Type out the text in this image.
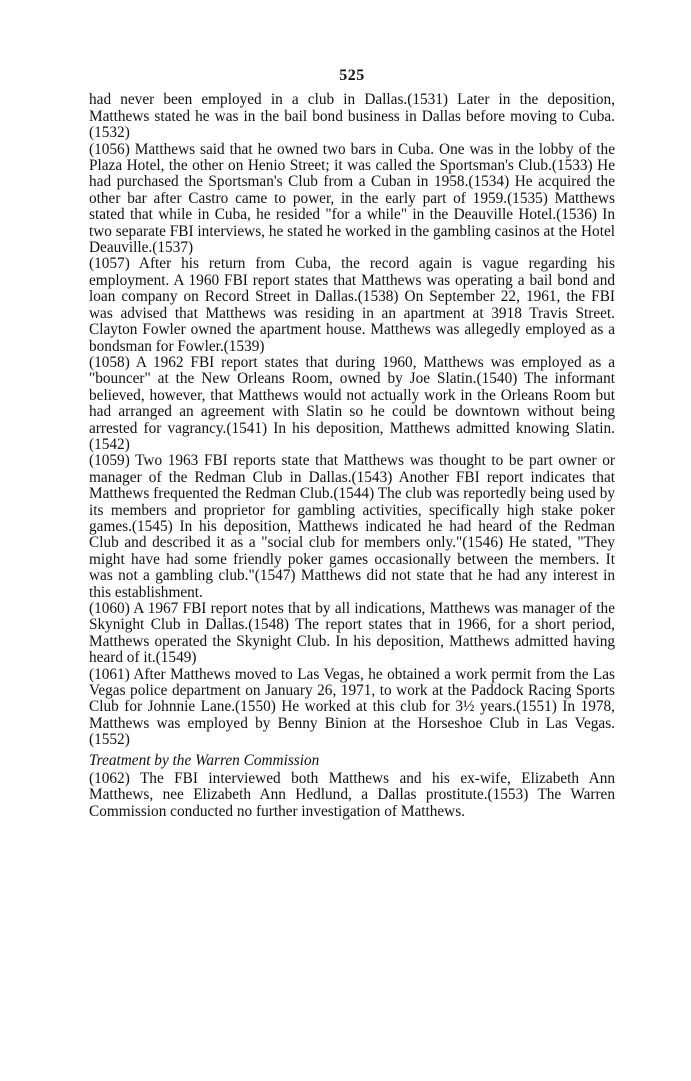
525

had never been employed in a club in Dallas.(1531) Later in the deposition, Matthews stated he was in the bail bond business in Dallas before moving to Cuba.(1532)

(1056) Matthews said that he owned two bars in Cuba. One was in the lobby of the Plaza Hotel, the other on Henio Street; it was called the Sportsman's Club.(1533) He had purchased the Sportsman's Club from a Cuban in 1958.(1534) He acquired the other bar after Castro came to power, in the early part of 1959.(1535) Matthews stated that while in Cuba, he resided "for a while" in the Deauville Hotel.(1536) In two separate FBI interviews, he stated he worked in the gambling casinos at the Hotel Deauville.(1537)

(1057) After his return from Cuba, the record again is vague regarding his employment. A 1960 FBI report states that Matthews was operating a bail bond and loan company on Record Street in Dallas.(1538) On September 22, 1961, the FBI was advised that Matthews was residing in an apartment at 3918 Travis Street. Clayton Fowler owned the apartment house. Matthews was allegedly employed as a bondsman for Fowler.(1539)

(1058) A 1962 FBI report states that during 1960, Matthews was employed as a "bouncer" at the New Orleans Room, owned by Joe Slatin.(1540) The informant believed, however, that Matthews would not actually work in the Orleans Room but had arranged an agreement with Slatin so he could be downtown without being arrested for vagrancy.(1541) In his deposition, Matthews admitted knowing Slatin.(1542)

(1059) Two 1963 FBI reports state that Matthews was thought to be part owner or manager of the Redman Club in Dallas.(1543) Another FBI report indicates that Matthews frequented the Redman Club.(1544) The club was reportedly being used by its members and proprietor for gambling activities, specifically high stake poker games.(1545) In his deposition, Matthews indicated he had heard of the Redman Club and described it as a "social club for members only."(1546) He stated, "They might have had some friendly poker games occasionally between the members. It was not a gambling club."(1547) Matthews did not state that he had any interest in this establishment.

(1060) A 1967 FBI report notes that by all indications, Matthews was manager of the Skynight Club in Dallas.(1548) The report states that in 1966, for a short period, Matthews operated the Skynight Club. In his deposition, Matthews admitted having heard of it.(1549)

(1061) After Matthews moved to Las Vegas, he obtained a work permit from the Las Vegas police department on January 26, 1971, to work at the Paddock Racing Sports Club for Johnnie Lane.(1550) He worked at this club for 3½ years.(1551) In 1978, Matthews was employed by Benny Binion at the Horseshoe Club in Las Vegas.(1552)

Treatment by the Warren Commission

(1062) The FBI interviewed both Matthews and his ex-wife, Elizabeth Ann Matthews, nee Elizabeth Ann Hedlund, a Dallas prostitute.(1553) The Warren Commission conducted no further investigation of Matthews.
